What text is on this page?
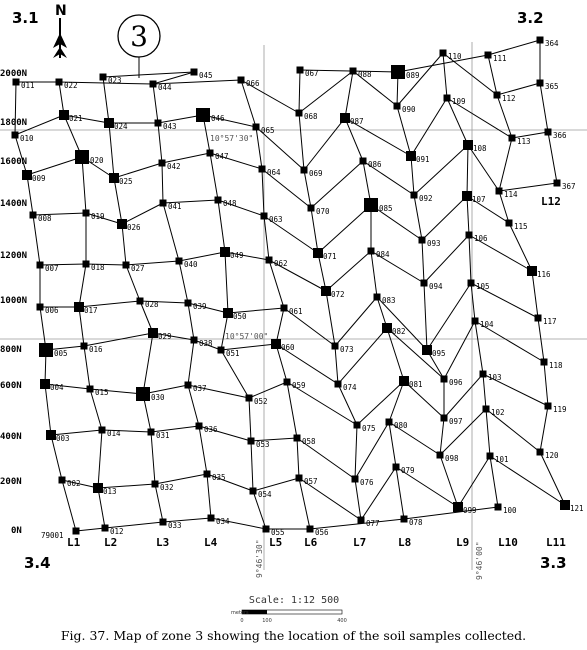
10°57'30"
10°57'00"
9°46'30"	9°46'00"
79001
002
003
004
005
006
007
008
009
010
011
012
013
014
015
016
017
018
019
020
021
022
023
024
025
026
027
028
029
030
031
032
033	034
035
036
037
038
039
040
041
042
043
044
045
046
047
048
049
050
051
052
053
054
055	056
057
058
059
060
061
062
063
064
065
066
067
068
069
070
071
072
073
074
075
076
077	078
079
080
081
082
083
084
085
086
087
088	089
090
091
092
093
094
095
096
097
098
099	100
101
102
103
104
105
106
107
108
109
110	111
112
113
114
115
116
117
118
119
120
121
364
365
366
367
2000N
1800N
1600N
1400N
1200N
1000N
800N
600N
400N
200N
0N
L1 L2	L3	L4	L5 L6	L7	L8	L9	L10	L11
L12
3.1	3.2
3.4	3.3
N
3
Scale: 1:12 500
meters
0	100	400
Fig. 37. Map of zone 3 showing the location of the soil samples collected.
